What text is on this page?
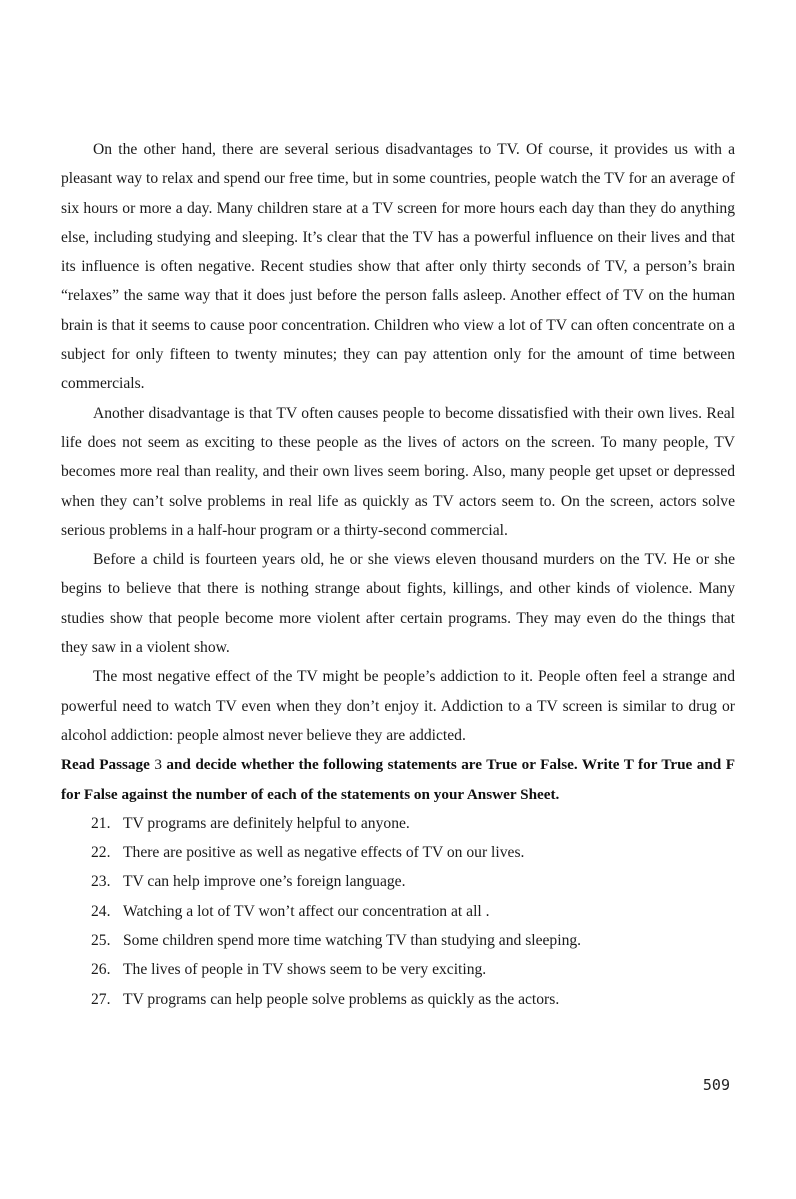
On the other hand, there are several serious disadvantages to TV. Of course, it provides us with a pleasant way to relax and spend our free time, but in some countries, people watch the TV for an average of six hours or more a day. Many children stare at a TV screen for more hours each day than they do anything else, including studying and sleeping. It’s clear that the TV has a powerful influence on their lives and that its influence is often negative. Recent studies show that after only thirty seconds of TV, a person’s brain “relaxes” the same way that it does just before the person falls asleep. Another effect of TV on the human brain is that it seems to cause poor concentration. Children who view a lot of TV can often concentrate on a subject for only fifteen to twenty minutes; they can pay attention only for the amount of time between commercials.

Another disadvantage is that TV often causes people to become dissatisfied with their own lives. Real life does not seem as exciting to these people as the lives of actors on the screen. To many people, TV becomes more real than reality, and their own lives seem boring. Also, many people get upset or depressed when they can’t solve problems in real life as quickly as TV actors seem to. On the screen, actors solve serious problems in a half-hour program or a thirty-second commercial.

Before a child is fourteen years old, he or she views eleven thousand murders on the TV. He or she begins to believe that there is nothing strange about fights, killings, and other kinds of violence. Many studies show that people become more violent after certain programs. They may even do the things that they saw in a violent show.

The most negative effect of the TV might be people’s addiction to it. People often feel a strange and powerful need to watch TV even when they don’t enjoy it. Addiction to a TV screen is similar to drug or alcohol addiction: people almost never believe they are addicted.

Read Passage 3 and decide whether the following statements are True or False. Write T for True and F for False against the number of each of the statements on your Answer Sheet.

21. TV programs are definitely helpful to anyone.
22. There are positive as well as negative effects of TV on our lives.
23. TV can help improve one’s foreign language.
24. Watching a lot of TV won’t affect our concentration at all .
25. Some children spend more time watching TV than studying and sleeping.
26. The lives of people in TV shows seem to be very exciting.
27. TV programs can help people solve problems as quickly as the actors.
509
